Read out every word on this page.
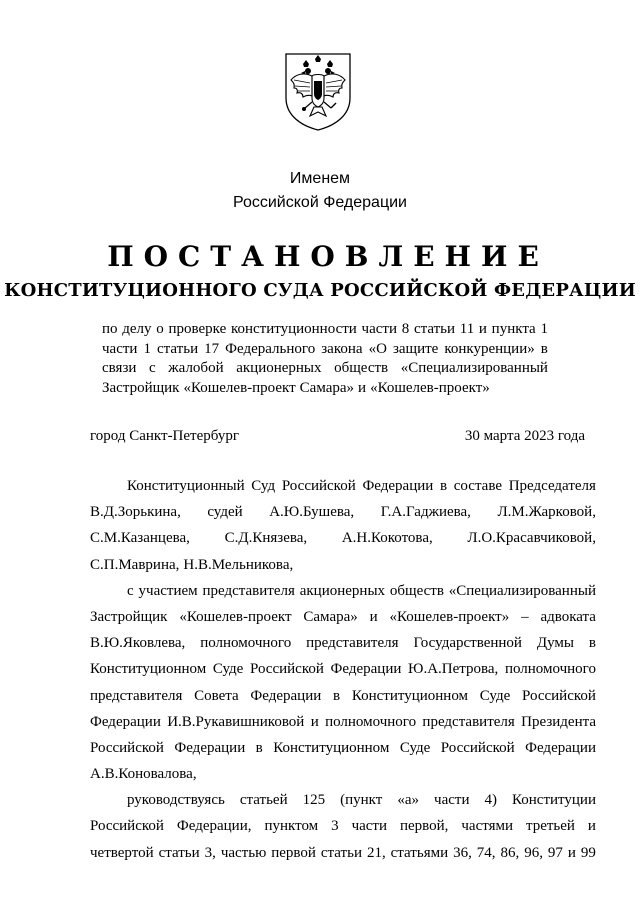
Именем
Российской Федерации
ПОСТАНОВЛЕНИЕ
КОНСТИТУЦИОННОГО СУДА РОССИЙСКОЙ ФЕДЕРАЦИИ
по делу о проверке конституционности части 8 статьи 11 и пункта 1
части 1 статьи 17 Федерального закона «О защите конкуренции» в
связи с жалобой акционерных обществ «Специализированный
Застройщик «Кошелев-проект Самара» и «Кошелев-проект»
город Санкт-Петербург	30 марта 2023 года
Конституционный Суд Российской Федерации в составе Председателя
В.Д.Зорькина, судей А.Ю.Бушева, Г.А.Гаджиева, Л.М.Жарковой,
С.М.Казанцева, С.Д.Князева, А.Н.Кокотова, Л.О.Красавчиковой,
С.П.Маврина, Н.В.Мельникова,
с участием представителя акционерных обществ «Специализированный
Застройщик «Кошелев-проект Самара» и «Кошелев-проект» – адвоката
В.Ю.Яковлева, полномочного представителя Государственной Думы в
Конституционном Суде Российской Федерации Ю.А.Петрова, полномочного
представителя Совета Федерации в Конституционном Суде Российской
Федерации И.В.Рукавишниковой и полномочного представителя Президента
Российской Федерации в Конституционном Суде Российской Федерации
А.В.Коновалова,
руководствуясь статьей 125 (пункт «а» части 4) Конституции
Российской Федерации, пунктом 3 части первой, частями третьей и
четвертой статьи 3, частью первой статьи 21, статьями 36, 74, 86, 96, 97 и 99
